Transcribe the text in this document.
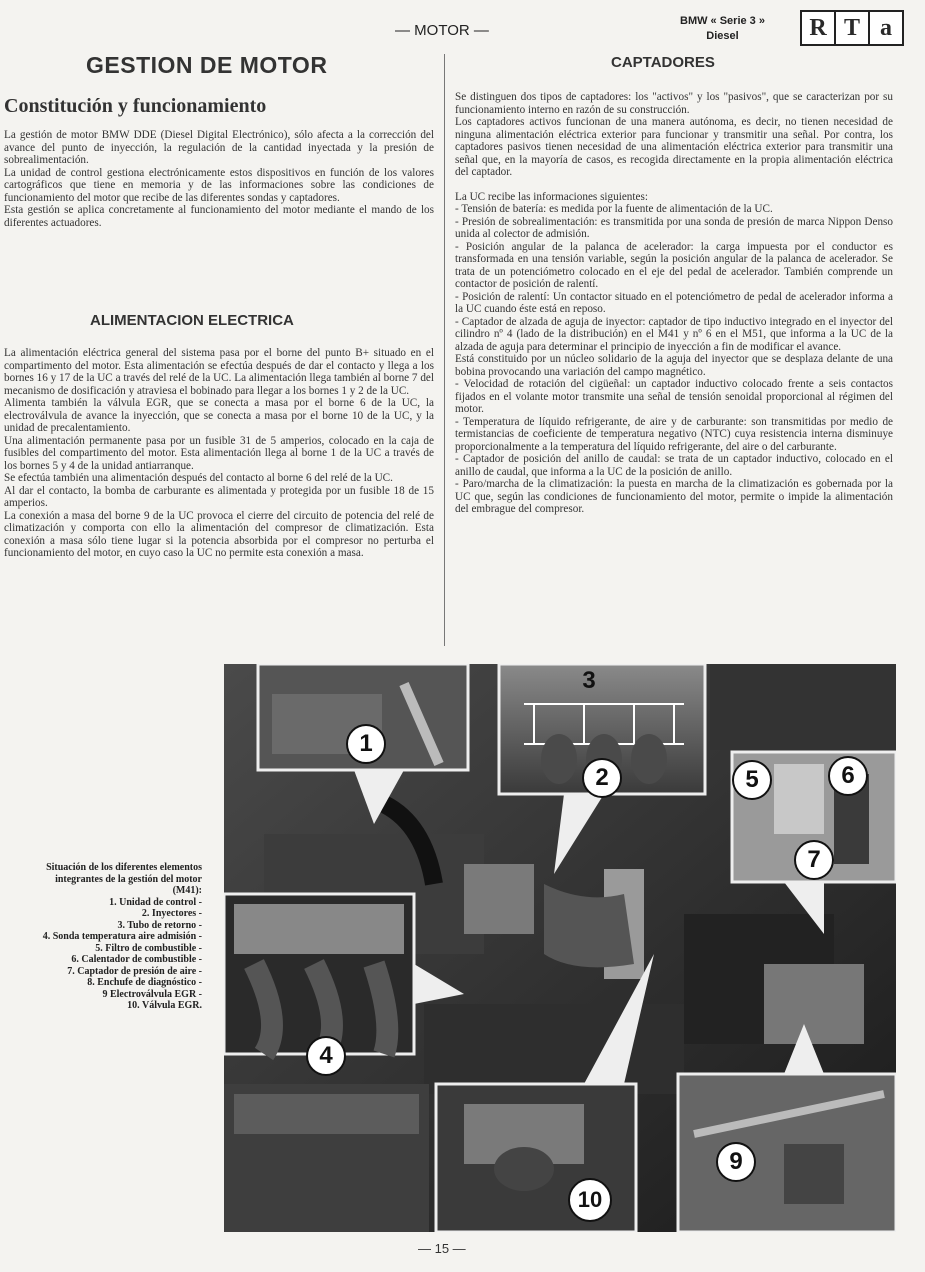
— MOTOR —
BMW « Serie 3 »
Diesel	R T a
GESTION DE MOTOR
Constitución y funcionamiento

La gestión de motor BMW DDE (Diesel Digital Electrónico), sólo afecta a la corrección del avance del punto de inyección, la regulación de la cantidad inyectada y la presión de sobrealimentación.

La unidad de control gestiona electrónicamente estos dispositivos en función de los valores cartográficos que tiene en memoria y de las informaciones sobre las condiciones de funcionamiento del motor que recibe de las diferentes sondas y captadores.

Esta gestión se aplica concretamente al funcionamiento del motor mediante el mando de los diferentes actuadores.

ALIMENTACION ELECTRICA

La alimentación eléctrica general del sistema pasa por el borne del punto B+ situado en el compartimento del motor. Esta alimentación se efectúa después de dar el contacto y llega a los bornes 16 y 17 de la UC a través del relé de la UC. La alimentación llega también al borne 7 del mecanismo de dosificación y atraviesa el bobinado para llegar a los bornes 1 y 2 de la UC.

Alimenta también la válvula EGR, que se conecta a masa por el borne 6 de la UC, la electroválvula de avance la inyección, que se conecta a masa por el borne 10 de la UC, y la unidad de precalentamiento.

Una alimentación permanente pasa por un fusible 31 de 5 amperios, colocado en la caja de fusibles del compartimento del motor. Esta alimentación llega al borne 1 de la UC a través de los bornes 5 y 4 de la unidad antiarranque.

Se efectúa también una alimentación después del contacto al borne 6 del relé de la UC.

Al dar el contacto, la bomba de carburante es alimentada y protegida por un fusible 18 de 15 amperios.

La conexión a masa del borne 9 de la UC provoca el cierre del circuito de potencia del relé de climatización y comporta con ello la alimentación del compresor de climatización. Esta conexión a masa sólo tiene lugar si la potencia absorbida por el compresor no perturba el funcionamiento del motor, en cuyo caso la UC no permite esta conexión a masa.

CAPTADORES

Se distinguen dos tipos de captadores: los "activos" y los "pasivos", que se caracterizan por su funcionamiento interno en razón de su construcción.

Los captadores activos funcionan de una manera autónoma, es decir, no tienen necesidad de ninguna alimentación eléctrica exterior para funcionar y transmitir una señal. Por contra, los captadores pasivos tienen necesidad de una alimentación eléctrica exterior para transmitir una señal que, en la mayoría de casos, es recogida directamente en la propia alimentación eléctrica del captador.

La UC recibe las informaciones siguientes:

- Tensión de batería: es medida por la fuente de alimentación de la UC.

- Presión de sobrealimentación: es transmitida por una sonda de presión de marca Nippon Denso unida al colector de admisión.

- Posición angular de la palanca de acelerador: la carga impuesta por el conductor es transformada en una tensión variable, según la posición angular de la palanca de acelerador. Se trata de un potenciómetro colocado en el eje del pedal de acelerador. También comprende un contactor de posición de ralentí.

- Posición de ralentí: Un contactor situado en el potenciómetro de pedal de acelerador informa a la UC cuando éste está en reposo.

- Captador de alzada de aguja de inyector: captador de tipo inductivo integrado en el inyector del cilindro nº 4 (lado de la distribución) en el M41 y nº 6 en el M51, que informa a la UC de la alzada de aguja para determinar el principio de inyección a fin de modificar el avance.

Está constituido por un núcleo solidario de la aguja del inyector que se desplaza delante de una bobina provocando una variación del campo magnético.

- Velocidad de rotación del cigüeñal: un captador inductivo colocado frente a seis contactos fijados en el volante motor transmite una señal de tensión senoidal proporcional al régimen del motor.

- Temperatura de líquido refrigerante, de aire y de carburante: son transmitidas por medio de termistancias de coeficiente de temperatura negativo (NTC) cuya resistencia interna disminuye proporcionalmente a la temperatura del líquido refrigerante, del aire o del carburante.

- Captador de posición del anillo de caudal: se trata de un captador inductivo, colocado en el anillo de caudal, que informa a la UC de la posición de anillo.

- Paro/marcha de la climatización: la puesta en marcha de la climatización es gobernada por la UC que, según las condiciones de funcionamiento del motor, permite o impide la alimentación del embrague del compresor.

Situación de los diferentes elementos
integrantes de la gestión del motor
(M41):
1. Unidad de control -
2. Inyectores -
3. Tubo de retorno -
4. Sonda temperatura aire admisión -
5. Filtro de combustible -
6. Calentador de combustible -
7. Captador de presión de aire -
8. Enchufe de diagnóstico -
9 Electroválvula EGR -
10. Válvula EGR.
1
3
2	5	6
7
4
9
10
— 15 —
